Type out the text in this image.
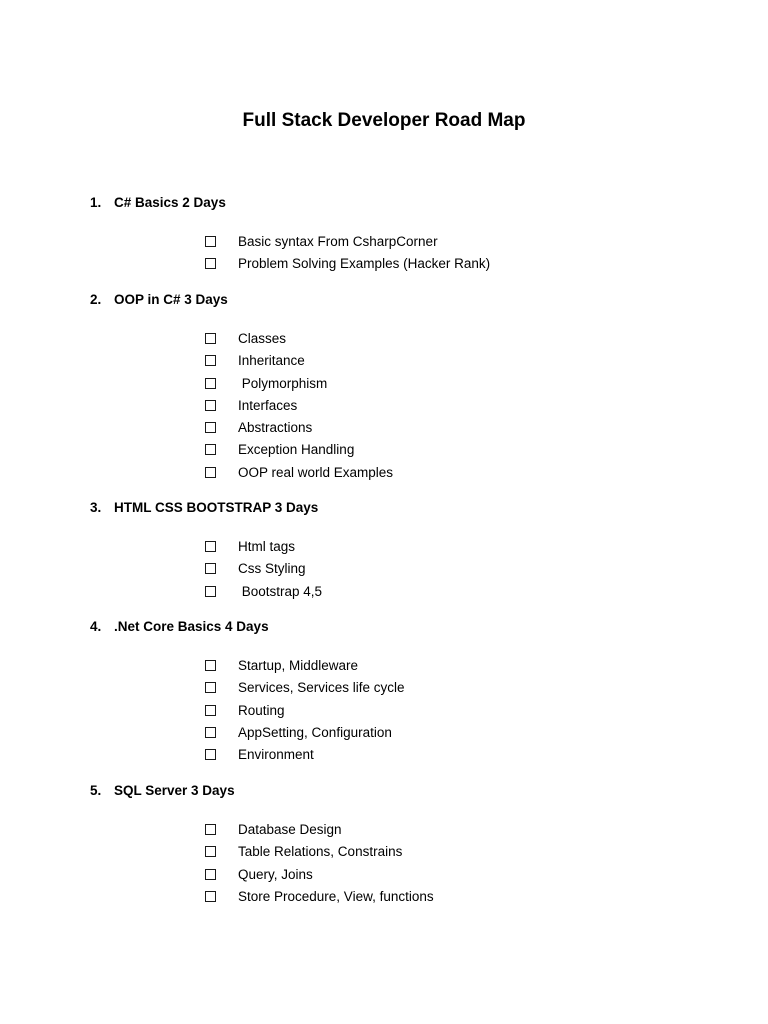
Full Stack Developer Road Map
1. C# Basics 2 Days
Basic syntax From CsharpCorner
Problem Solving Examples (Hacker Rank)
2. OOP in C# 3 Days
Classes
Inheritance
Polymorphism
Interfaces
Abstractions
Exception Handling
OOP real world Examples
3. HTML CSS BOOTSTRAP 3 Days
Html tags
Css Styling
Bootstrap 4,5
4. .Net Core Basics 4 Days
Startup, Middleware
Services, Services life cycle
Routing
AppSetting, Configuration
Environment
5. SQL Server 3 Days
Database Design
Table Relations, Constrains
Query, Joins
Store Procedure, View, functions
